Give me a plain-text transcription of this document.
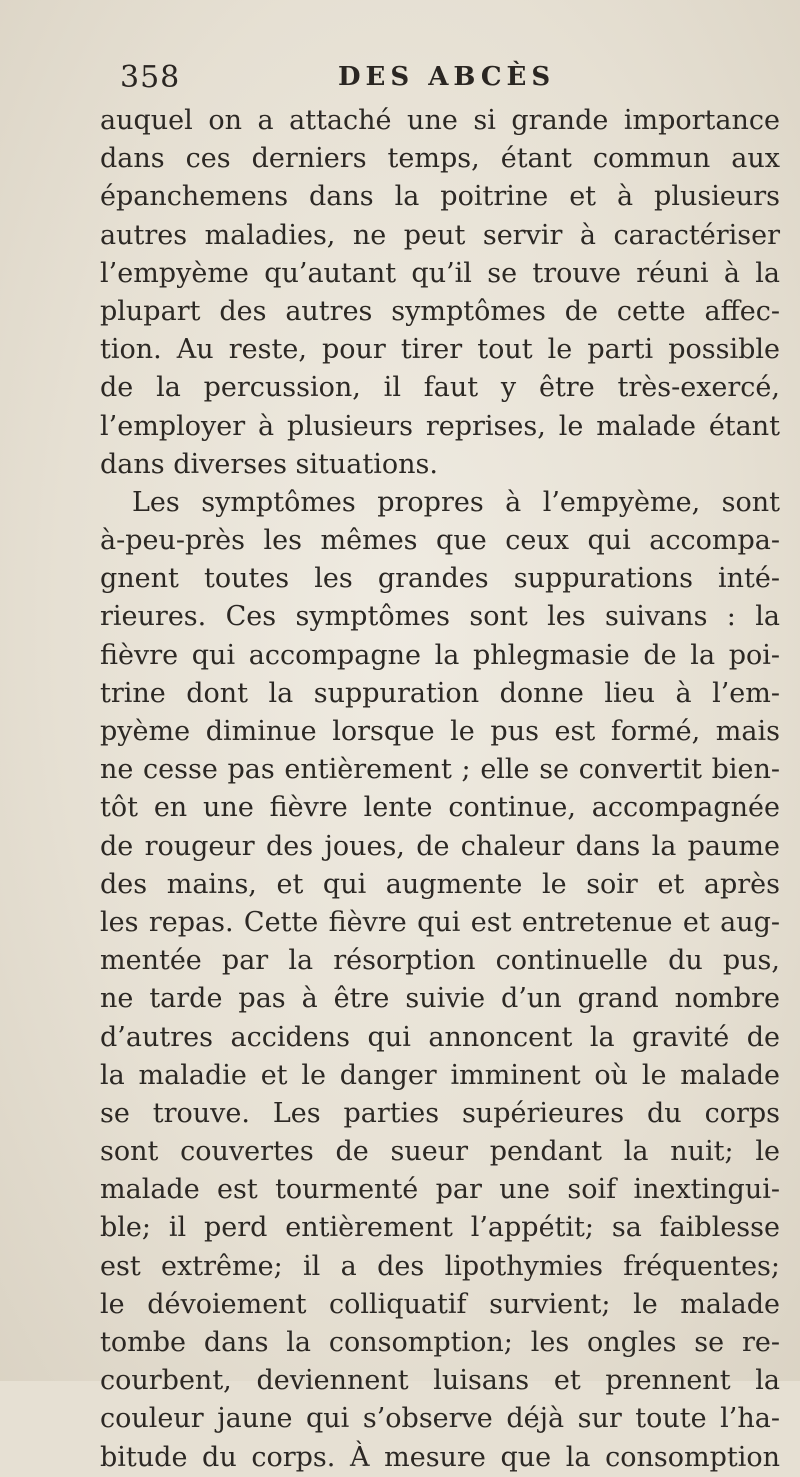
358	DES ABCÈS
auquel on a attaché une si grande importance
dans ces derniers temps, étant commun aux
épanchemens dans la poitrine et à plusieurs
autres maladies, ne peut servir à caractériser
l’empyème qu’autant qu’il se trouve réuni à la
plupart des autres symptômes de cette affec-
tion. Au reste, pour tirer tout le parti possible
de la percussion, il faut y être très-exercé,
l’employer à plusieurs reprises, le malade étant
dans diverses situations.
Les symptômes propres à l’empyème, sont
à-peu-près les mêmes que ceux qui accompa-
gnent toutes les grandes suppurations inté-
rieures. Ces symptômes sont les suivans : la
fièvre qui accompagne la phlegmasie de la poi-
trine dont la suppuration donne lieu à l’em-
pyème diminue lorsque le pus est formé, mais
ne cesse pas entièrement ; elle se convertit bien-
tôt en une fièvre lente continue, accompagnée
de rougeur des joues, de chaleur dans la paume
des mains, et qui augmente le soir et après
les repas. Cette fièvre qui est entretenue et aug-
mentée par la résorption continuelle du pus,
ne tarde pas à être suivie d’un grand nombre
d’autres accidens qui annoncent la gravité de
la maladie et le danger imminent où le malade
se trouve. Les parties supérieures du corps
sont couvertes de sueur pendant la nuit; le
malade est tourmenté par une soif inextingui-
ble; il perd entièrement l’appétit; sa faiblesse
est extrême; il a des lipothymies fréquentes;
le dévoiement colliquatif survient; le malade
tombe dans la consomption; les ongles se re-
courbent, deviennent luisans et prennent la
couleur jaune qui s’observe déjà sur toute l’ha-
bitude du corps. À mesure que la consomption
